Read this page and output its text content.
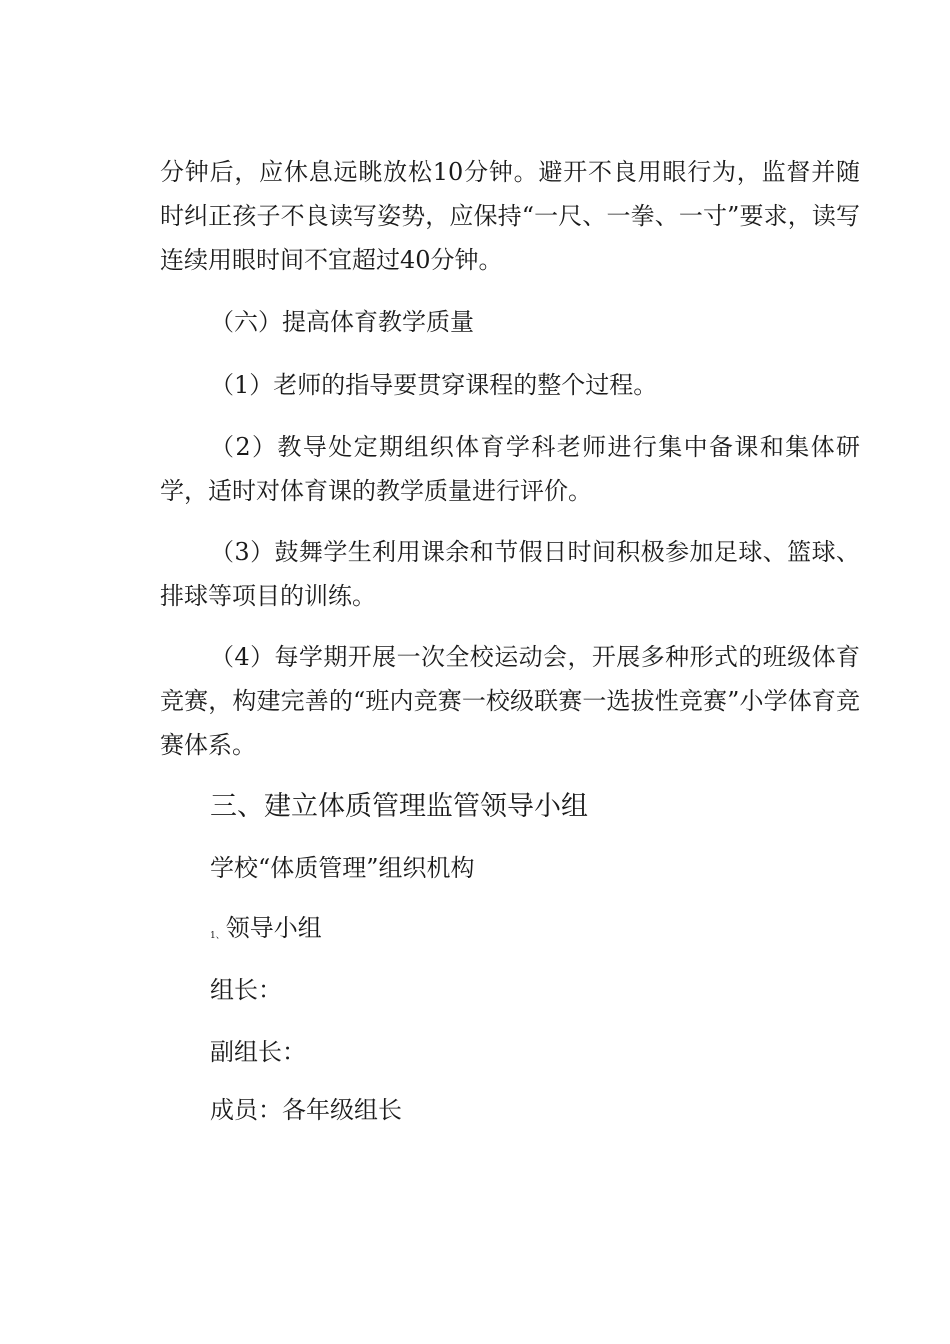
分钟后，应休息远眺放松10分钟。避开不良用眼行为，监督并随时纠正孩子不良读写姿势，应保持“一尺、一拳、一寸”要求，读写连续用眼时间不宜超过40分钟。

（六）提高体育教学质量

（1）老师的指导要贯穿课程的整个过程。

（2）教导处定期组织体育学科老师进行集中备课和集体研学，适时对体育课的教学质量进行评价。

（3）鼓舞学生利用课余和节假日时间积极参加足球、篮球、排球等项目的训练。

（4）每学期开展一次全校运动会，开展多种形式的班级体育竞赛，构建完善的“班内竞赛一校级联赛一选拔性竞赛”小学体育竞赛体系。

三、建立体质管理监管领导小组

学校“体质管理”组织机构

1、领导小组

组长：

副组长：

成员：各年级组长
